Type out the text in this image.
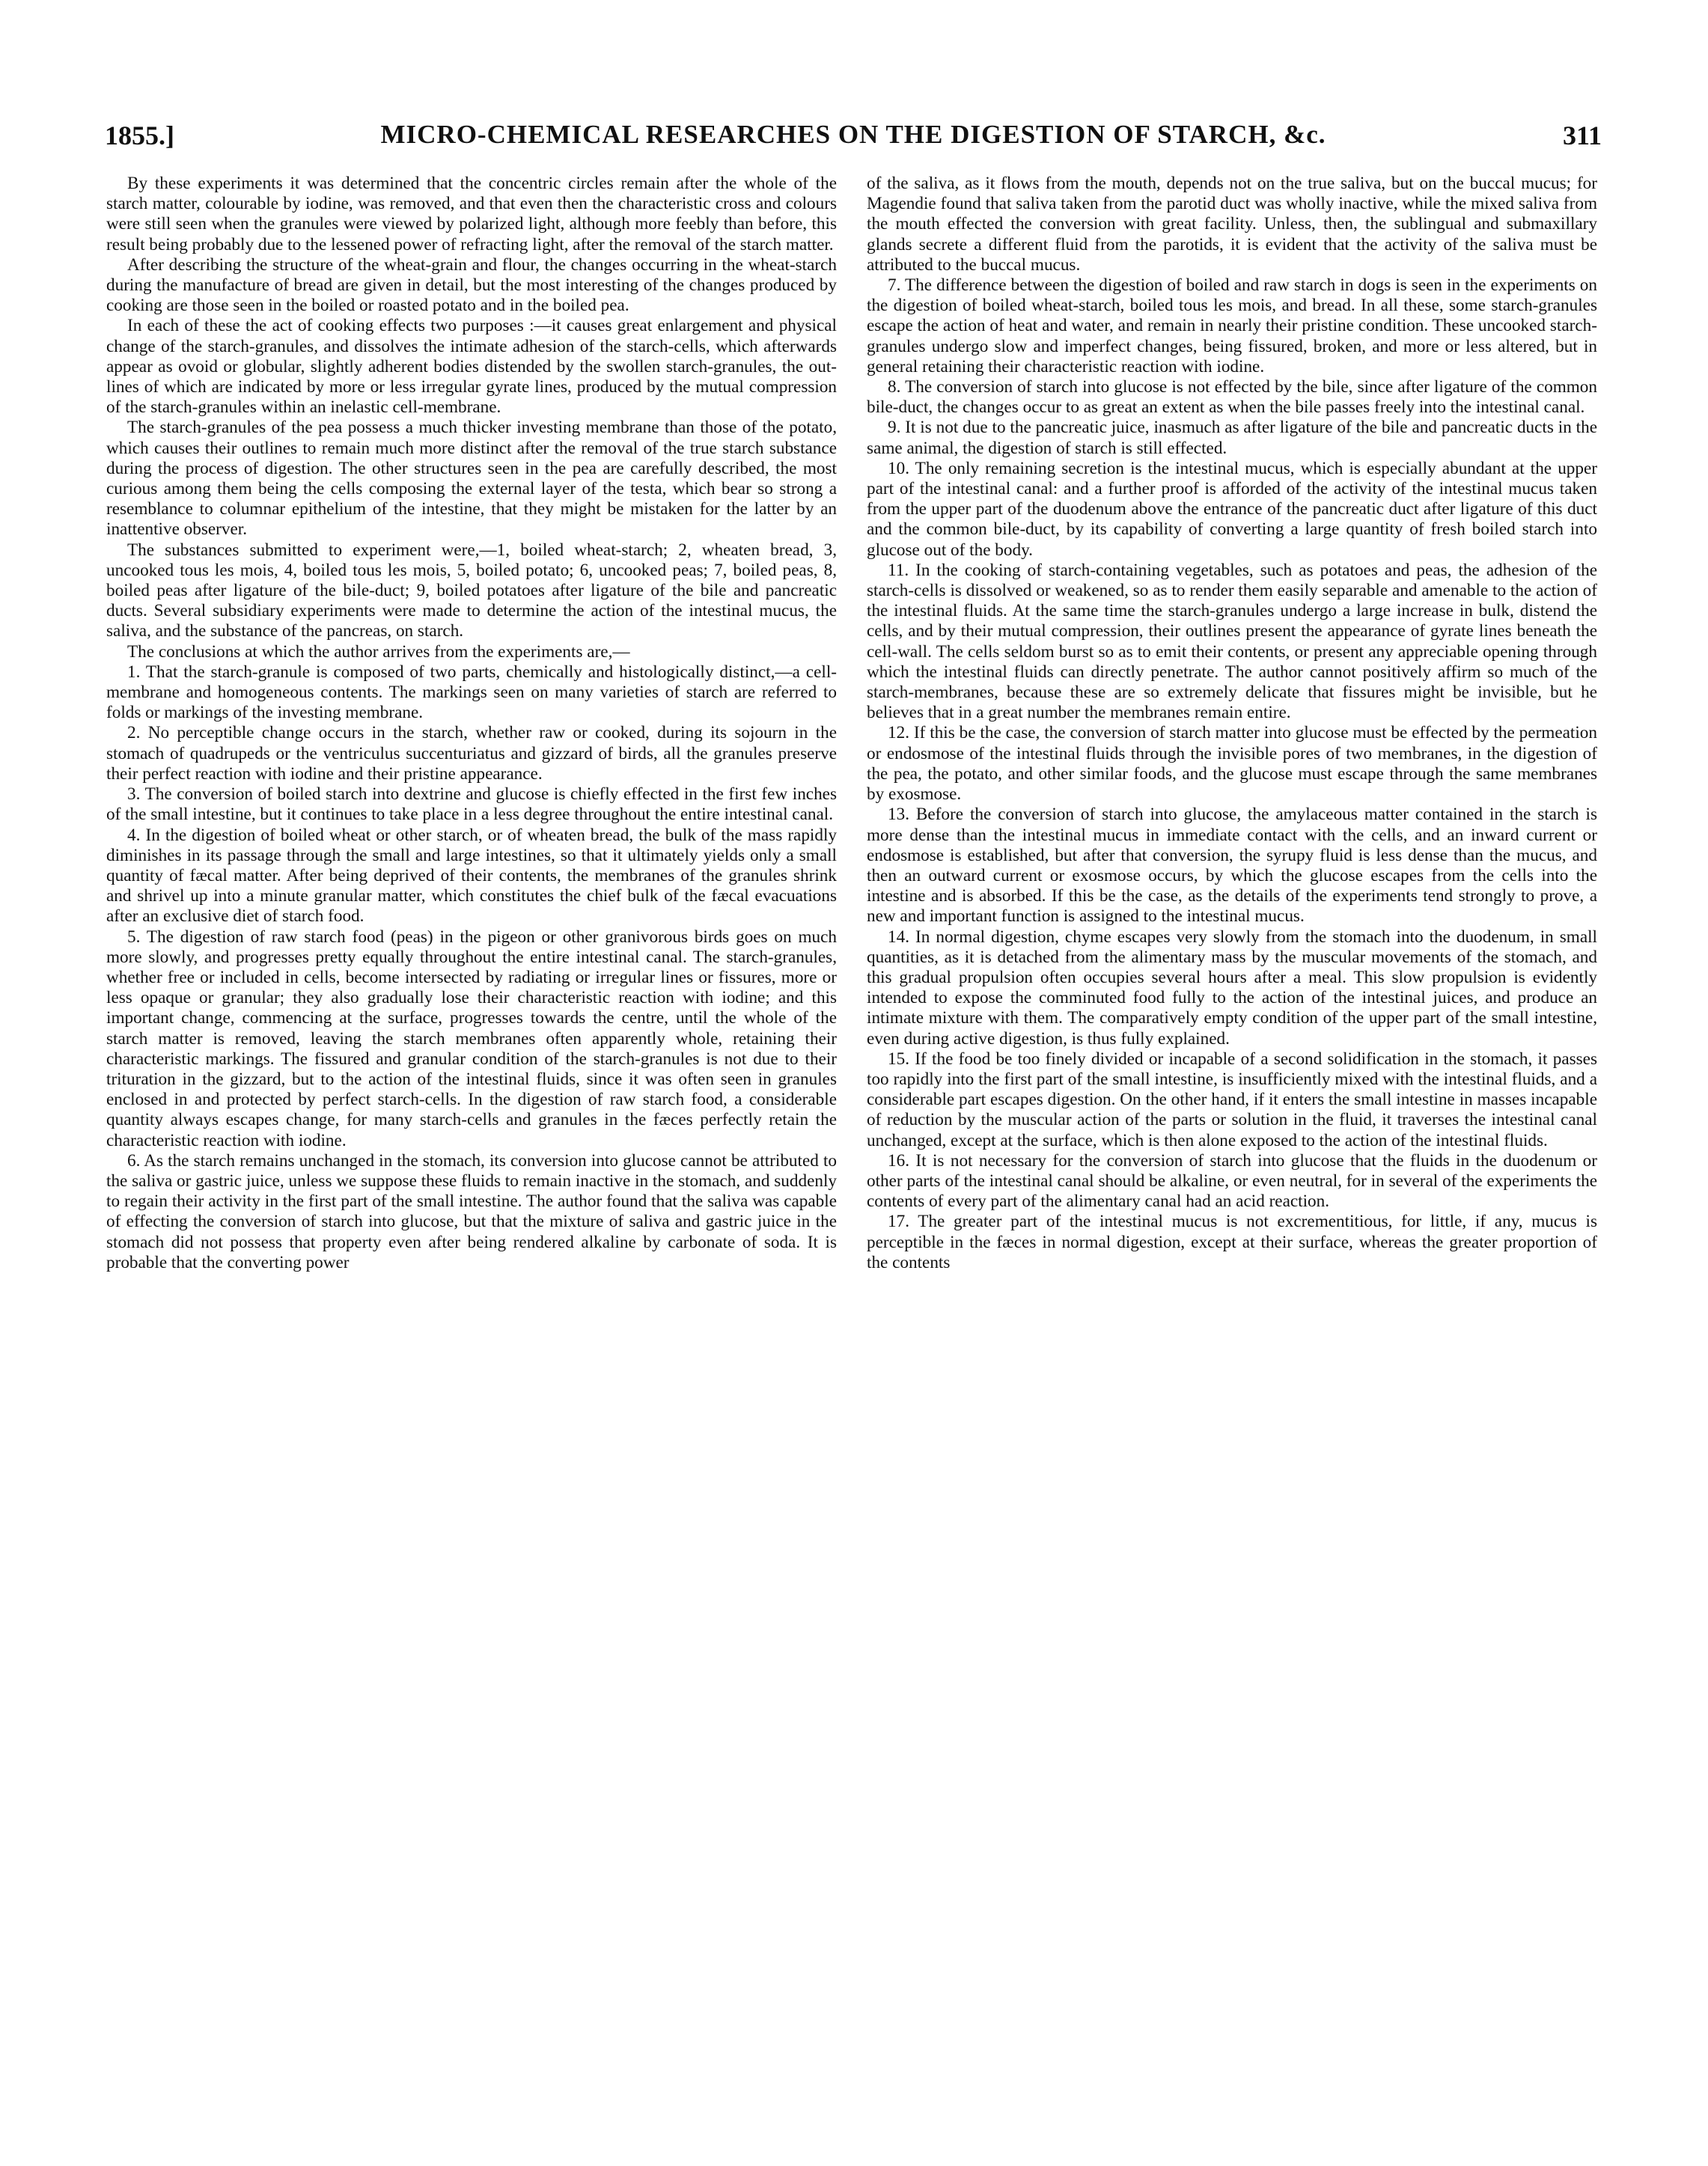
1855.]	MICRO-CHEMICAL RESEARCHES ON THE DIGESTION OF STARCH, &c.	311

By these experiments it was determined that the concentric circles remain after the whole of the starch matter, colourable by iodine, was removed, and that even then the characteristic cross and colours were still seen when the granules were viewed by polarized light, although more feebly than before, this result being probably due to the lessened power of refracting light, after the removal of the starch matter.

After describing the structure of the wheat-grain and flour, the changes occurring in the wheat-starch during the manufacture of bread are given in detail, but the most interesting of the changes produced by cooking are those seen in the boiled or roasted potato and in the boiled pea.

In each of these the act of cooking effects two purposes :—it causes great enlargement and physical change of the starch-granules, and dissolves the intimate adhesion of the starch-cells, which afterwards appear as ovoid or globular, slightly adherent bodies distended by the swollen starch-granules, the out-lines of which are indicated by more or less irregular gyrate lines, produced by the mutual compression of the starch-granules within an inelastic cell-membrane.

The starch-granules of the pea possess a much thicker investing membrane than those of the potato, which causes their outlines to remain much more distinct after the removal of the true starch substance during the process of digestion. The other structures seen in the pea are carefully described, the most curious among them being the cells composing the external layer of the testa, which bear so strong a resemblance to columnar epithelium of the intestine, that they might be mistaken for the latter by an inattentive observer.

The substances submitted to experiment were,—1, boiled wheat-starch; 2, wheaten bread, 3, uncooked tous les mois, 4, boiled tous les mois, 5, boiled potato; 6, uncooked peas; 7, boiled peas, 8, boiled peas after ligature of the bile-duct; 9, boiled potatoes after ligature of the bile and pancreatic ducts. Several subsidiary experiments were made to determine the action of the intestinal mucus, the saliva, and the substance of the pancreas, on starch.

The conclusions at which the author arrives from the experiments are,—

1. That the starch-granule is composed of two parts, chemically and histologically distinct,—a cell-membrane and homogeneous contents. The markings seen on many varieties of starch are referred to folds or markings of the investing membrane.

2. No perceptible change occurs in the starch, whether raw or cooked, during its sojourn in the stomach of quadrupeds or the ventriculus succenturiatus and gizzard of birds, all the granules preserve their perfect reaction with iodine and their pristine appearance.

3. The conversion of boiled starch into dextrine and glucose is chiefly effected in the first few inches of the small intestine, but it continues to take place in a less degree throughout the entire intestinal canal.

4. In the digestion of boiled wheat or other starch, or of wheaten bread, the bulk of the mass rapidly diminishes in its passage through the small and large intestines, so that it ultimately yields only a small quantity of fæcal matter. After being deprived of their contents, the membranes of the granules shrink and shrivel up into a minute granular matter, which constitutes the chief bulk of the fæcal evacuations after an exclusive diet of starch food.

5. The digestion of raw starch food (peas) in the pigeon or other granivorous birds goes on much more slowly, and progresses pretty equally throughout the entire intestinal canal. The starch-granules, whether free or included in cells, become intersected by radiating or irregular lines or fissures, more or less opaque or granular; they also gradually lose their characteristic reaction with iodine; and this important change, commencing at the surface, progresses towards the centre, until the whole of the starch matter is removed, leaving the starch membranes often apparently whole, retaining their characteristic markings. The fissured and granular condition of the starch-granules is not due to their trituration in the gizzard, but to the action of the intestinal fluids, since it was often seen in granules enclosed in and protected by perfect starch-cells. In the digestion of raw starch food, a considerable quantity always escapes change, for many starch-cells and granules in the fæces perfectly retain the characteristic reaction with iodine.

6. As the starch remains unchanged in the stomach, its conversion into glucose cannot be attributed to the saliva or gastric juice, unless we suppose these fluids to remain inactive in the stomach, and suddenly to regain their activity in the first part of the small intestine. The author found that the saliva was capable of effecting the conversion of starch into glucose, but that the mixture of saliva and gastric juice in the stomach did not possess that property even after being rendered alkaline by carbonate of soda. It is probable that the converting power

of the saliva, as it flows from the mouth, depends not on the true saliva, but on the buccal mucus; for Magendie found that saliva taken from the parotid duct was wholly inactive, while the mixed saliva from the mouth effected the conversion with great facility. Unless, then, the sublingual and submaxillary glands secrete a different fluid from the parotids, it is evident that the activity of the saliva must be attributed to the buccal mucus.

7. The difference between the digestion of boiled and raw starch in dogs is seen in the experiments on the digestion of boiled wheat-starch, boiled tous les mois, and bread. In all these, some starch-granules escape the action of heat and water, and remain in nearly their pristine condition. These uncooked starch-granules undergo slow and imperfect changes, being fissured, broken, and more or less altered, but in general retaining their characteristic reaction with iodine.

8. The conversion of starch into glucose is not effected by the bile, since after ligature of the common bile-duct, the changes occur to as great an extent as when the bile passes freely into the intestinal canal.

9. It is not due to the pancreatic juice, inasmuch as after ligature of the bile and pancreatic ducts in the same animal, the digestion of starch is still effected.

10. The only remaining secretion is the intestinal mucus, which is especially abundant at the upper part of the intestinal canal: and a further proof is afforded of the activity of the intestinal mucus taken from the upper part of the duodenum above the entrance of the pancreatic duct after ligature of this duct and the common bile-duct, by its capability of converting a large quantity of fresh boiled starch into glucose out of the body.

11. In the cooking of starch-containing vegetables, such as potatoes and peas, the adhesion of the starch-cells is dissolved or weakened, so as to render them easily separable and amenable to the action of the intestinal fluids. At the same time the starch-granules undergo a large increase in bulk, distend the cells, and by their mutual compression, their outlines present the appearance of gyrate lines beneath the cell-wall. The cells seldom burst so as to emit their contents, or present any appreciable opening through which the intestinal fluids can directly penetrate. The author cannot positively affirm so much of the starch-membranes, because these are so extremely delicate that fissures might be invisible, but he believes that in a great number the membranes remain entire.

12. If this be the case, the conversion of starch matter into glucose must be effected by the permeation or endosmose of the intestinal fluids through the invisible pores of two membranes, in the digestion of the pea, the potato, and other similar foods, and the glucose must escape through the same membranes by exosmose.

13. Before the conversion of starch into glucose, the amylaceous matter contained in the starch is more dense than the intestinal mucus in immediate contact with the cells, and an inward current or endosmose is established, but after that conversion, the syrupy fluid is less dense than the mucus, and then an outward current or exosmose occurs, by which the glucose escapes from the cells into the intestine and is absorbed. If this be the case, as the details of the experiments tend strongly to prove, a new and important function is assigned to the intestinal mucus.

14. In normal digestion, chyme escapes very slowly from the stomach into the duodenum, in small quantities, as it is detached from the alimentary mass by the muscular movements of the stomach, and this gradual propulsion often occupies several hours after a meal. This slow propulsion is evidently intended to expose the comminuted food fully to the action of the intestinal juices, and produce an intimate mixture with them. The comparatively empty condition of the upper part of the small intestine, even during active digestion, is thus fully explained.

15. If the food be too finely divided or incapable of a second solidification in the stomach, it passes too rapidly into the first part of the small intestine, is insufficiently mixed with the intestinal fluids, and a considerable part escapes digestion. On the other hand, if it enters the small intestine in masses incapable of reduction by the muscular action of the parts or solution in the fluid, it traverses the intestinal canal unchanged, except at the surface, which is then alone exposed to the action of the intestinal fluids.

16. It is not necessary for the conversion of starch into glucose that the fluids in the duodenum or other parts of the intestinal canal should be alkaline, or even neutral, for in several of the experiments the contents of every part of the alimentary canal had an acid reaction.

17. The greater part of the intestinal mucus is not excrementitious, for little, if any, mucus is perceptible in the fæces in normal digestion, except at their surface, whereas the greater proportion of the contents
